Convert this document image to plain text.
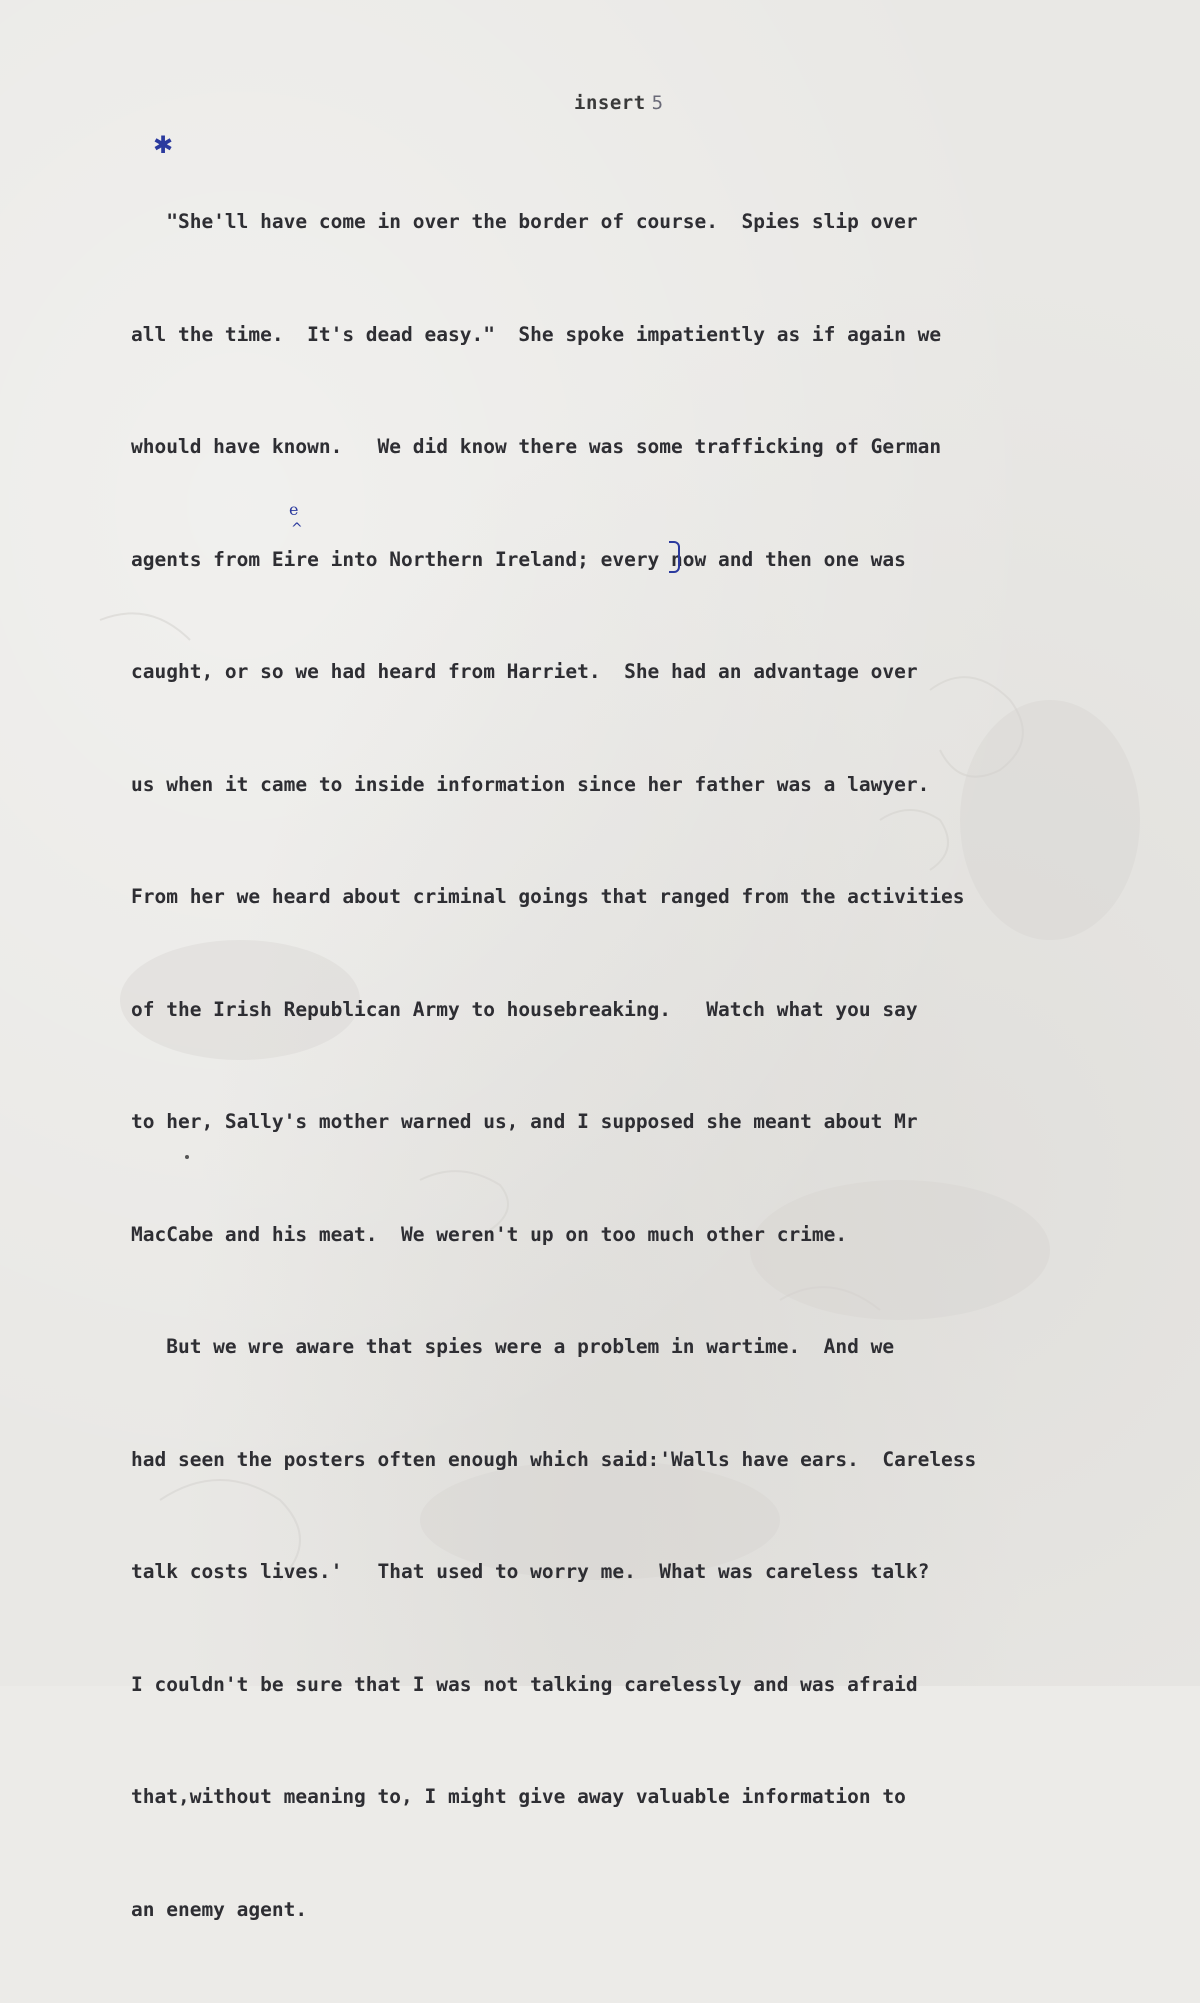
insert 5
✱

"She'll have come in over the border of course.  Spies slip over

all the time.  It's dead easy."  She spoke impatiently as if again we

whould have known.   We did know there was some trafficking of German

agents from Eire into Northern Ireland; every now and then one was

caught, or so we had heard from Harriet.  She had an advantage over

us when it came to inside information since her father was a lawyer.

From her we heard about criminal goings that ranged from the activities

of the Irish Republican Army to housebreaking.   Watch what you say

to her, Sally's mother warned us, and I supposed she meant about Mr

MacCabe and his meat.  We weren't up on too much other crime.

But we wre aware that spies were a problem in wartime.  And we

had seen the posters often enough which said:'Walls have ears.  Careless

talk costs lives.'   That used to worry me.  What was careless talk?

I couldn't be sure that I was not talking carelessly and was afraid

that,without meaning to, I might give away valuable information to

an enemy agent.

e
^
